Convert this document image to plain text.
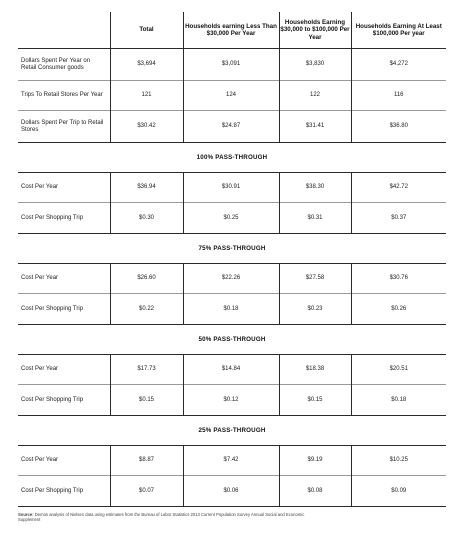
	Total	Households earning Less Than $30,000 Per Year	Households Earning $30,000 to $100,000 Per Year	Households Earning At Least $100,000 Per year
Dollars Spent Per Year on Retail Consumer goods	$3,694	$3,091	$3,830	$4,272
Trips To Retail Stores Per Year	121	124	122	116
Dollars Spent Per Trip to Retail Stores	$30.42	$24.87	$31.41	$36.80
100% PASS-THROUGH				
Cost Per Year	$36.94	$30.91	$38.30	$42.72
Cost Per Shopping Trip	$0.30	$0.25	$0.31	$0.37
75% PASS-THROUGH				
Cost Per Year	$26.60	$22.26	$27.58	$30.76
Cost Per Shopping Trip	$0.22	$0.18	$0.23	$0.26
50% PASS-THROUGH				
Cost Per Year	$17.73	$14.84	$18.38	$20.51
Cost Per Shopping Trip	$0.15	$0.12	$0.15	$0.18
25% PASS-THROUGH				
Cost Per Year	$8.87	$7.42	$9.19	$10.25
Cost Per Shopping Trip	$0.07	$0.06	$0.08	$0.09
Source: Demos analysis of Nielsen data using estimates from the Bureau of Labor Statistics 2013 Current Population Survey Annual Social and Economic Supplement
